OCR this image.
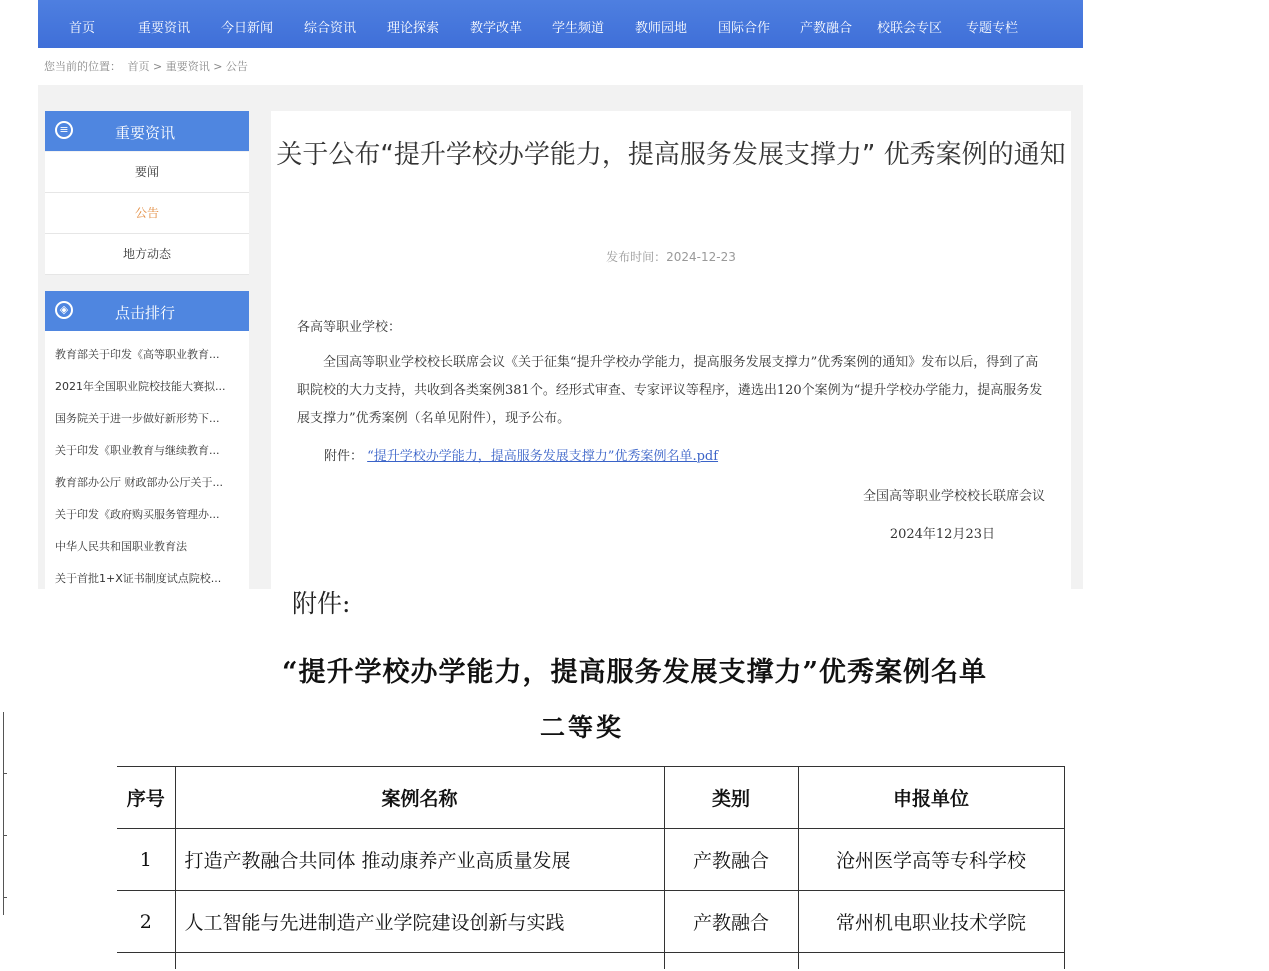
首页	重要资讯 今日新闻 综合资讯 理论探索 教学改革 学生频道 教师园地 国际合作 产教融合 校联会专区 专题专栏
您当前的位置： 首页 > 重要资讯 > 公告
≡	重要资讯
要闻
公告
地方动态
◈	点击排行
教育部关于印发《高等职业教育...
2021年全国职业院校技能大赛拟...
国务院关于进一步做好新形势下...
关于印发《职业教育与继续教育...
教育部办公厅 财政部办公厅关于...
关于印发《政府购买服务管理办...
中华人民共和国职业教育法
关于首批1+X证书制度试点院校...
关于公布“提升学校办学能力，提高服务发展支撑力” 优秀案例的通知
发布时间：2024-12-23
各高等职业学校：
全国高等职业学校校长联席会议《关于征集“提升学校办学能力，提高服务发展支撑力”优秀案例的通知》发布以后，得到了高职院校的大力支持，共收到各类案例381个。经形式审查、专家评议等程序，遴选出120个案例为“提升学校办学能力，提高服务发展支撑力”优秀案例（名单见附件），现予公布。
附件： “提升学校办学能力，提高服务发展支撑力”优秀案例名单.pdf
全国高等职业学校校长联席会议
2024年12月23日
附件:
“提升学校办学能力，提高服务发展支撑力”优秀案例名单
二等奖
序号	案例名称	类别	申报单位
1	打造产教融合共同体 推动康养产业高质量发展	产教融合	沧州医学高等专科学校
2	人工智能与先进制造产业学院建设创新与实践	产教融合	常州机电职业技术学院
